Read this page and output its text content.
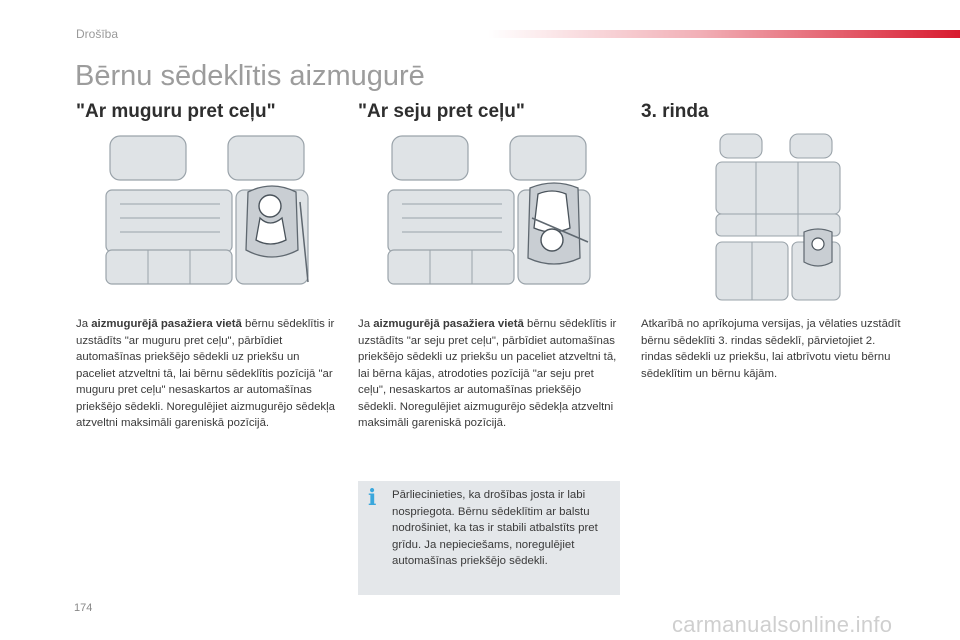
Drošība
Bērnu sēdeklītis aizmugurē
"Ar muguru pret ceļu"
Ja aizmugurējā pasažiera vietā bērnu sēdeklītis ir uzstādīts "ar muguru pret ceļu", pārbīdiet automašīnas priekšējo sēdekli uz priekšu un paceliet atzveltni tā, lai bērnu sēdeklītis pozīcijā "ar muguru pret ceļu" nesaskartos ar automašīnas priekšējo sēdekli. Noregulējiet aizmugurējo sēdekļa atzveltni maksimāli gareniskā pozīcijā.
"Ar seju pret ceļu"
Ja aizmugurējā pasažiera vietā bērnu sēdeklītis ir uzstādīts "ar seju pret ceļu", pārbīdiet automašīnas priekšējo sēdekli uz priekšu un paceliet atzveltni tā, lai bērna kājas, atrodoties pozīcijā "ar seju pret ceļu", nesaskartos ar automašīnas priekšējo sēdekli. Noregulējiet aizmugurējo sēdekļa atzveltni maksimāli gareniskā pozīcijā.
3. rinda
Atkarībā no aprīkojuma versijas, ja vēlaties uzstādīt bērnu sēdeklīti 3. rindas sēdeklī, pārvietojiet 2. rindas sēdekli uz priekšu, lai atbrīvotu vietu bērnu sēdeklītim un bērnu kājām.
i Pārliecinieties, ka drošības josta ir labi nospriegota. Bērnu sēdeklītim ar balstu nodrošiniet, ka tas ir stabili atbalstīts pret grīdu. Ja nepieciešams, noregulējiet automašīnas priekšējo sēdekli.
174
carmanualsonline.info
